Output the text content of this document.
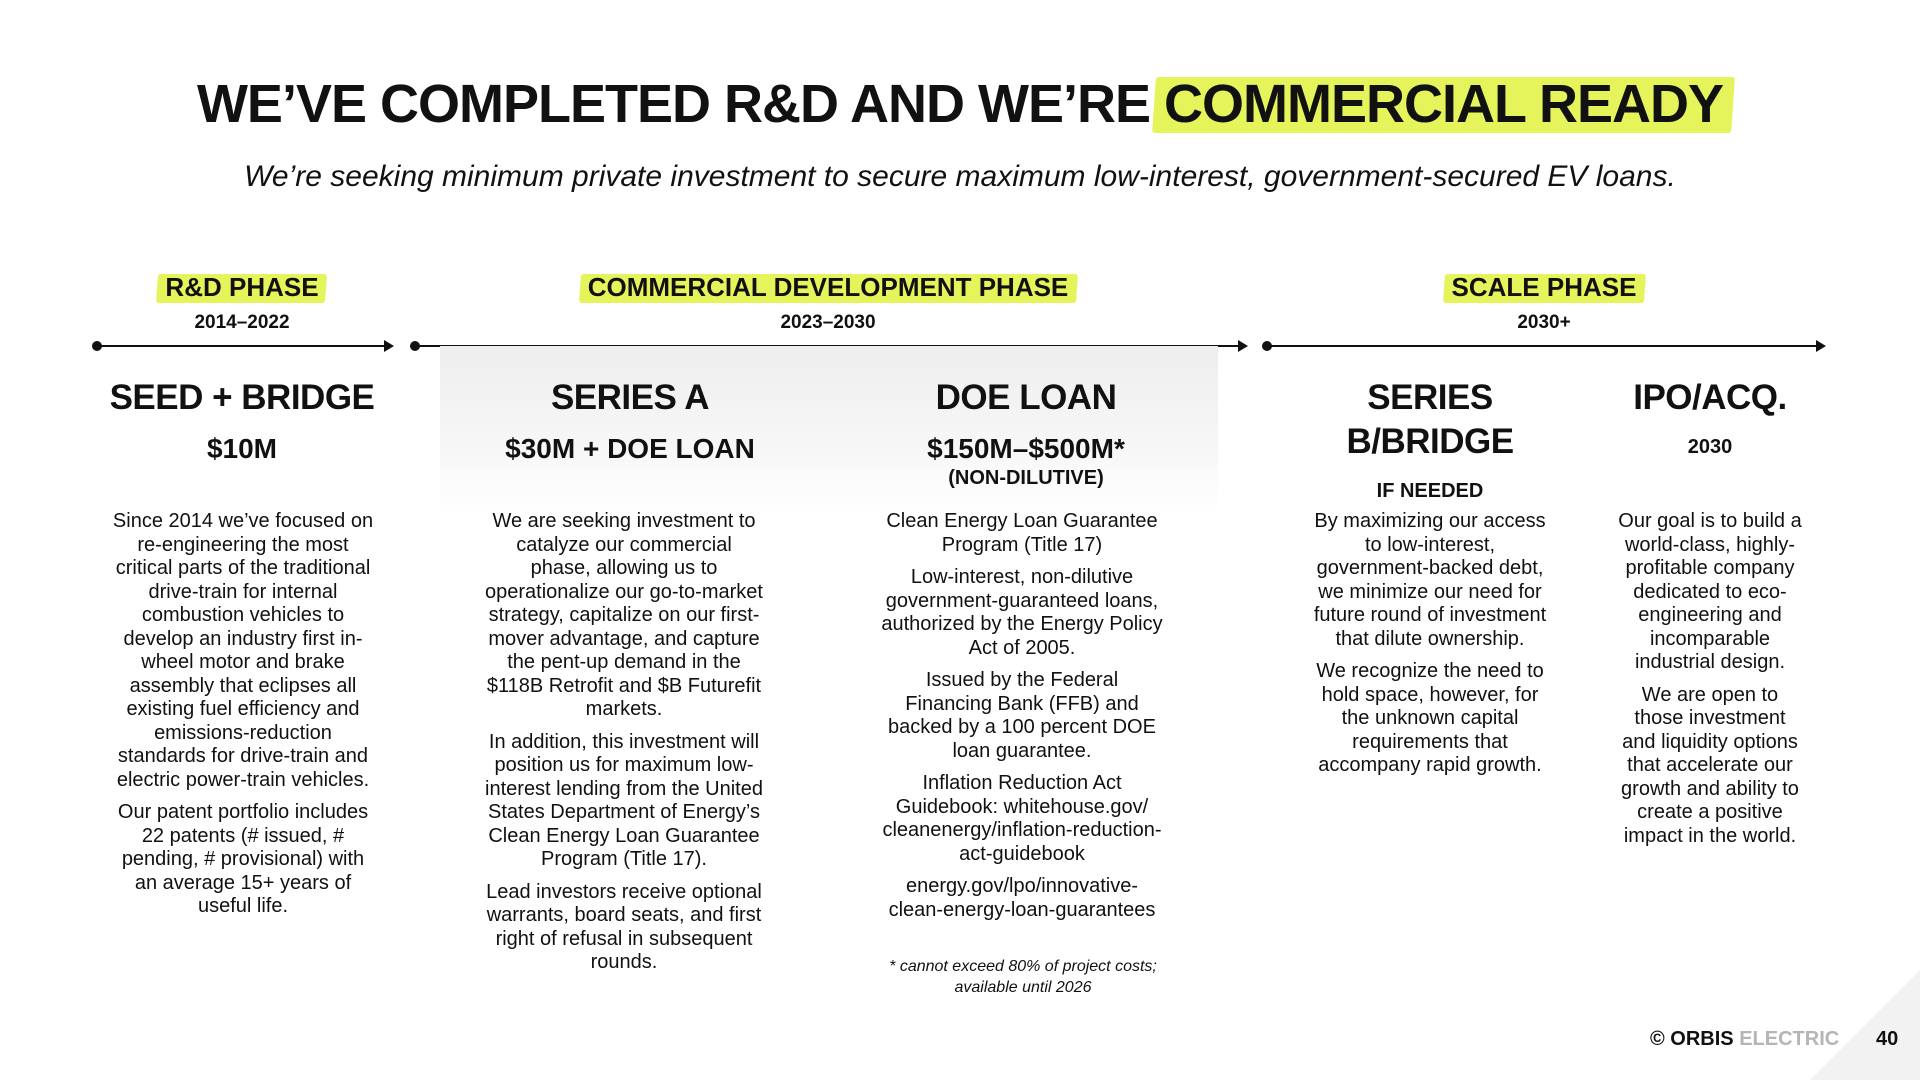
WE’VE COMPLETED R&D AND WE’RE COMMERCIAL READY
We’re seeking minimum private investment to secure maximum low-interest, government-secured EV loans.
R&D PHASE
2014–2022
COMMERCIAL DEVELOPMENT PHASE
2023–2030
SCALE PHASE
2030+
SEED + BRIDGE
$10M
SERIES A
$30M + DOE LOAN
DOE LOAN
$150M–$500M*
(NON-DILUTIVE)
SERIES B/BRIDGE
IF NEEDED
IPO/ACQ.
2030

Since 2014 we’ve focused on re-engineering the most critical parts of the traditional drive-train for internal combustion vehicles to develop an industry first in-wheel motor and brake assembly that eclipses all existing fuel efficiency and emissions-reduction standards for drive-train and electric power-train vehicles.

Our patent portfolio includes 22 patents (# issued, # pending, # provisional) with an average 15+ years of useful life.

We are seeking investment to catalyze our commercial phase, allowing us to operationalize our go-to-market strategy, capitalize on our first-mover advantage, and capture the pent-up demand in the $118B Retrofit and $B Futurefit markets.

In addition, this investment will position us for maximum low-interest lending from the United States Department of Energy’s Clean Energy Loan Guarantee Program (Title 17).

Lead investors receive optional warrants, board seats, and first right of refusal in subsequent rounds.

Clean Energy Loan Guarantee Program (Title 17)

Low-interest, non-dilutive government-guaranteed loans, authorized by the Energy Policy Act of 2005.

Issued by the Federal Financing Bank (FFB) and backed by a 100 percent DOE loan guarantee.

Inflation Reduction Act Guidebook: whitehouse.gov/ cleanenergy/inflation-reduction-act-guidebook

energy.gov/lpo/innovative-clean-energy-loan-guarantees

* cannot exceed 80% of project costs; available until 2026

By maximizing our access to low-interest, government-backed debt, we minimize our need for future round of investment that dilute ownership.

We recognize the need to hold space, however, for the unknown capital requirements that accompany rapid growth.

Our goal is to build a world-class, highly-profitable company dedicated to eco-engineering and incomparable industrial design.

We are open to those investment and liquidity options that accelerate our growth and ability to create a positive impact in the world.

© ORBIS ELECTRIC 40
